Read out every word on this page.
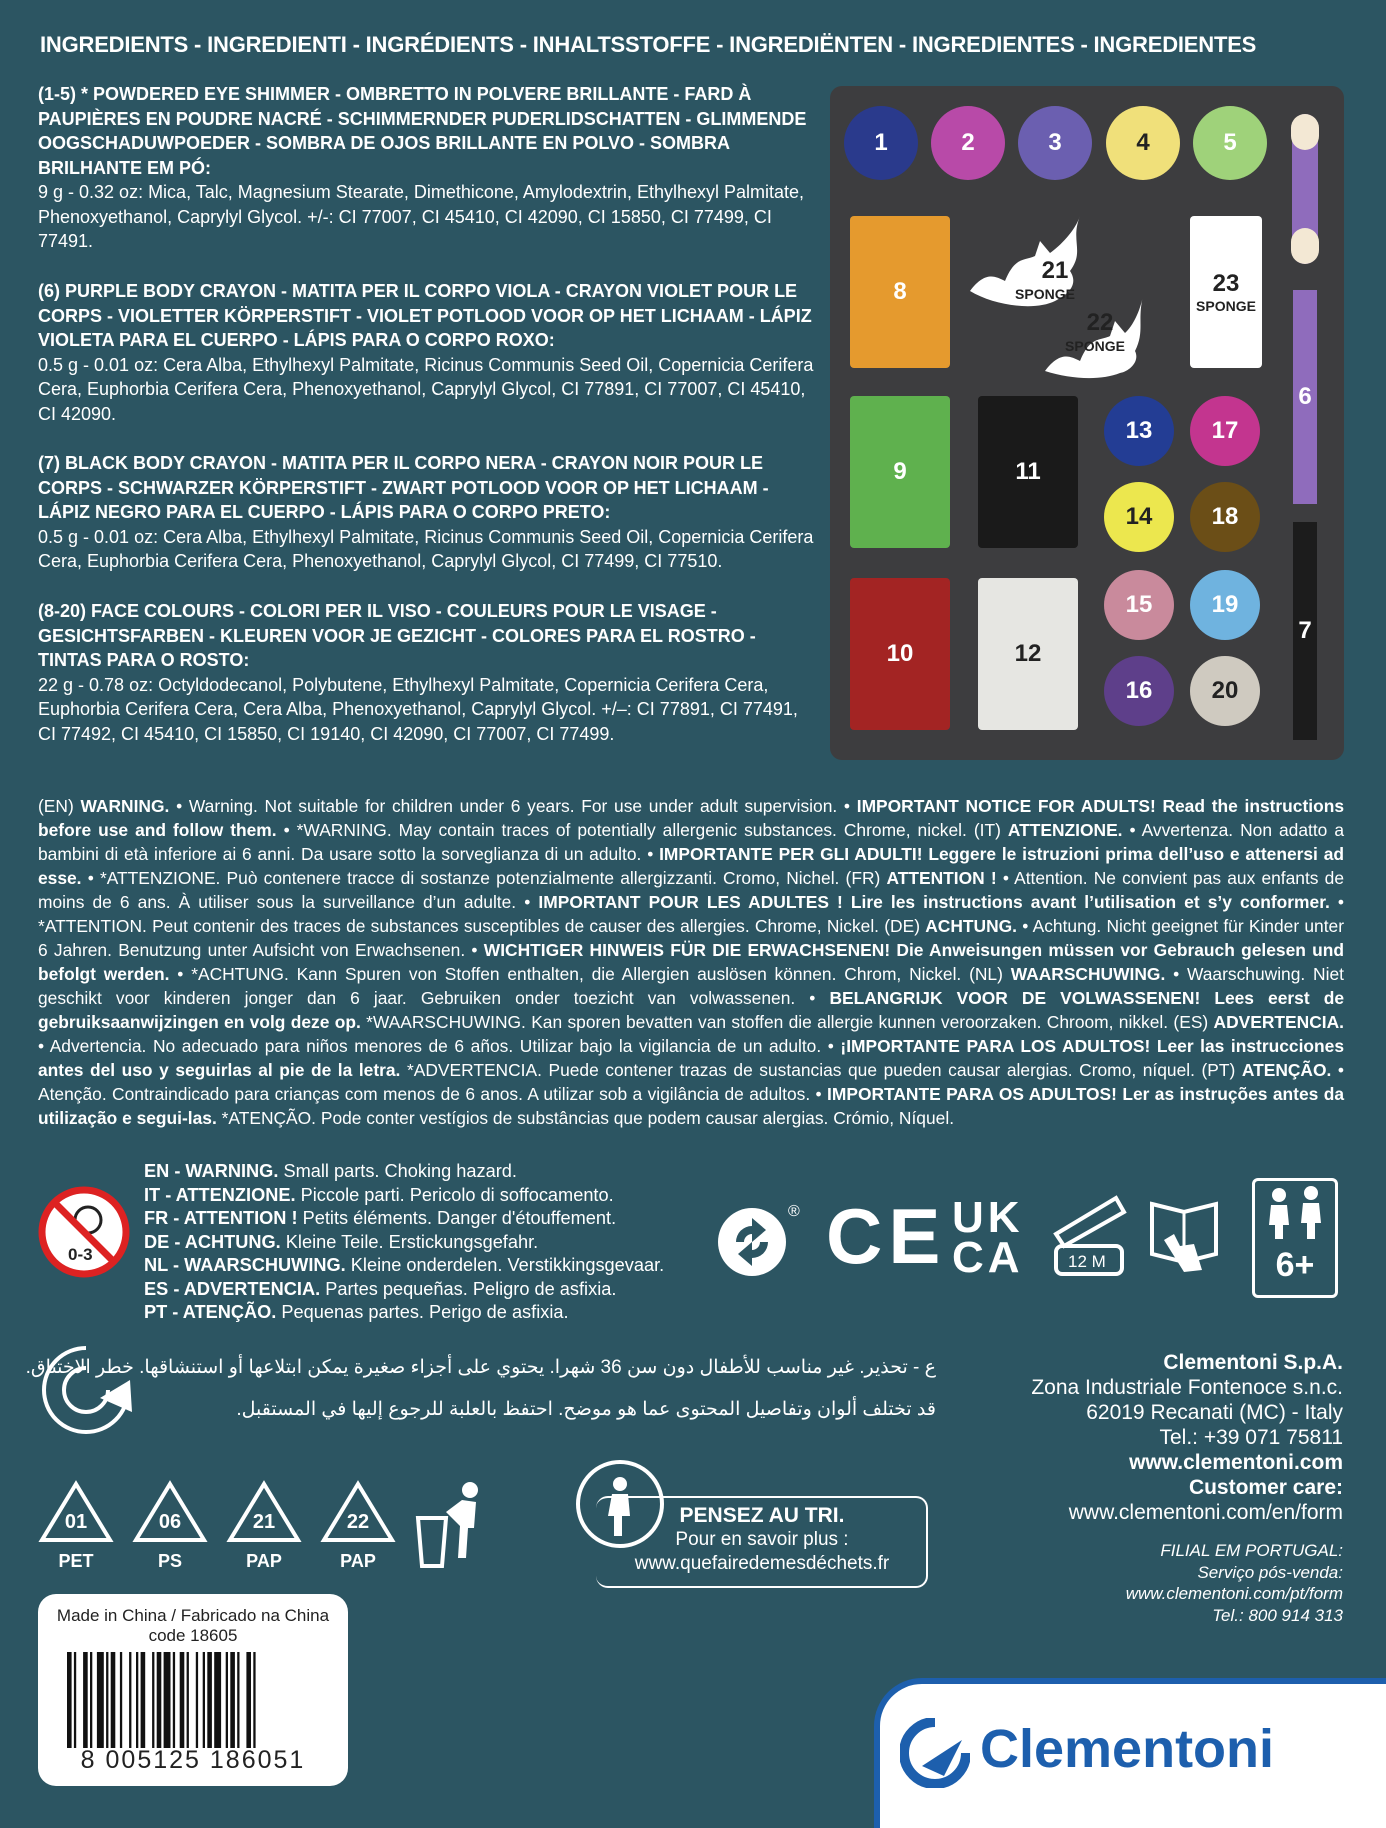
INGREDIENTS - INGREDIENTI - INGRÉDIENTS - INHALTSSTOFFE - INGREDIËNTEN - INGREDIENTES - INGREDIENTES
(1-5) * POWDERED EYE SHIMMER - OMBRETTO IN POLVERE BRILLANTE - FARD À PAUPIÈRES EN POUDRE NACRÉ - SCHIMMERNDER PUDERLIDSCHATTEN - GLIMMENDE OOGSCHADUWPOEDER - SOMBRA DE OJOS BRILLANTE EN POLVO - SOMBRA BRILHANTE EM PÓ:
9 g - 0.32 oz: Mica, Talc, Magnesium Stearate, Dimethicone, Amylodextrin, Ethylhexyl Palmitate, Phenoxyethanol, Caprylyl Glycol. +/-: CI 77007, CI 45410, CI 42090, CI 15850, CI 77499, CI 77491.
(6) PURPLE BODY CRAYON - MATITA PER IL CORPO VIOLA - CRAYON VIOLET POUR LE CORPS - VIOLETTER KÖRPERSTIFT - VIOLET POTLOOD VOOR OP HET LICHAAM - LÁPIZ VIOLETA PARA EL CUERPO - LÁPIS PARA O CORPO ROXO:
0.5 g - 0.01 oz: Cera Alba, Ethylhexyl Palmitate, Ricinus Communis Seed Oil, Copernicia Cerifera Cera, Euphorbia Cerifera Cera, Phenoxyethanol, Caprylyl Glycol, CI 77891, CI 77007, CI 45410, CI 42090.
(7) BLACK BODY CRAYON - MATITA PER IL CORPO NERA - CRAYON NOIR POUR LE CORPS - SCHWARZER KÖRPERSTIFT - ZWART POTLOOD VOOR OP HET LICHAAM - LÁPIZ NEGRO PARA EL CUERPO - LÁPIS PARA O CORPO PRETO:
0.5 g - 0.01 oz: Cera Alba, Ethylhexyl Palmitate, Ricinus Communis Seed Oil, Copernicia Cerifera Cera, Euphorbia Cerifera Cera, Phenoxyethanol, Caprylyl Glycol, CI 77499, CI 77510.
(8-20) FACE COLOURS - COLORI PER IL VISO - COULEURS POUR LE VISAGE - GESICHTSFARBEN - KLEUREN VOOR JE GEZICHT - COLORES PARA EL ROSTRO - TINTAS PARA O ROSTO:
22 g - 0.78 oz: Octyldodecanol, Polybutene, Ethylhexyl Palmitate, Copernicia Cerifera Cera, Euphorbia Cerifera Cera, Cera Alba, Phenoxyethanol, Caprylyl Glycol. +/–: CI 77891, CI 77491, CI 77492, CI 45410, CI 15850, CI 19140, CI 42090, CI 77007, CI 77499.
1	2	3	4	5
8
9
10
11
12
21
SPONGE
22
SPONGE
23
SPONGE
13 17
14 18
15 19
16 20
6
7
(EN) WARNING. • Warning. Not suitable for children under 6 years. For use under adult supervision. • IMPORTANT NOTICE FOR ADULTS! Read the instructions before use and follow them. • *WARNING. May contain traces of potentially allergenic substances. Chrome, nickel. (IT) ATTENZIONE. • Avvertenza. Non adatto a bambini di età inferiore ai 6 anni. Da usare sotto la sorveglianza di un adulto. • IMPORTANTE PER GLI ADULTI! Leggere le istruzioni prima dell’uso e attenersi ad esse. • *ATTENZIONE. Può contenere tracce di sostanze potenzialmente allergizzanti. Cromo, Nichel. (FR) ATTENTION ! • Attention. Ne convient pas aux enfants de moins de 6 ans. À utiliser sous la surveillance d’un adulte. • IMPORTANT POUR LES ADULTES ! Lire les instructions avant l’utilisation et s’y conformer. • *ATTENTION. Peut contenir des traces de substances susceptibles de causer des allergies. Chrome, Nickel. (DE) ACHTUNG. • Achtung. Nicht geeignet für Kinder unter 6 Jahren. Benutzung unter Aufsicht von Erwachsenen. • WICHTIGER HINWEIS FÜR DIE ERWACHSENEN! Die Anweisungen müssen vor Gebrauch gelesen und befolgt werden. • *ACHTUNG. Kann Spuren von Stoffen enthalten, die Allergien auslösen können. Chrom, Nickel. (NL) WAARSCHUWING. • Waarschuwing. Niet geschikt voor kinderen jonger dan 6 jaar. Gebruiken onder toezicht van volwassenen. • BELANGRIJK VOOR DE VOLWASSENEN! Lees eerst de gebruiksaanwijzingen en volg deze op. *WAARSCHUWING. Kan sporen bevatten van stoffen die allergie kunnen veroorzaken. Chroom, nikkel. (ES) ADVERTENCIA. • Advertencia. No adecuado para niños menores de 6 años. Utilizar bajo la vigilancia de un adulto. • ¡IMPORTANTE PARA LOS ADULTOS! Leer las instrucciones antes del uso y seguirlas al pie de la letra. *ADVERTENCIA. Puede contener trazas de sustancias que pueden causar alergias. Cromo, níquel. (PT) ATENÇÃO. • Atenção. Contraindicado para crianças com menos de 6 anos. A utilizar sob a vigilância de adultos. • IMPORTANTE PARA OS ADULTOS! Ler as instruções antes da utilização e segui-las. *ATENÇÃO. Pode conter vestígios de substâncias que podem causar alergias. Crómio, Níquel.
0-3
EN - WARNING. Small parts. Choking hazard.
IT - ATTENZIONE. Piccole parti. Pericolo di soffocamento.
FR - ATTENTION ! Petits éléments. Danger d'étouffement.
DE - ACHTUNG. Kleine Teile. Erstickungsgefahr.
NL - WAARSCHUWING. Kleine onderdelen. Verstikkingsgevaar.
ES - ADVERTENCIA. Partes pequeñas. Peligro de asfixia.
PT - ATENÇÃO. Pequenas partes. Perigo de asfixia.
® CE UK
CA	12 M	6+
ع - تحذير. غير مناسب للأطفال دون سن 36 شهرا. يحتوي على أجزاء صغيرة يمكن ابتلاعها أو استنشاقها. خطر الاختناق.
قد تختلف ألوان وتفاصيل المحتوى عما هو موضح. احتفظ بالعلبة للرجوع إليها في المستقبل.
01
PET
06
PS
21
PAP
22
PAP
PENSEZ AU TRI.
Pour en savoir plus :
www.quefairedemesdéchets.fr
Clementoni S.p.A.
Zona Industriale Fontenoce s.n.c.
62019 Recanati (MC) - Italy
Tel.: +39 071 75811
www.clementoni.com
Customer care:
www.clementoni.com/en/form
FILIAL EM PORTUGAL:
Serviço pós-venda:
www.clementoni.com/pt/form
Tel.: 800 914 313
Made in China / Fabricado na China
code 18605
8 005125 186051	Clementoni
